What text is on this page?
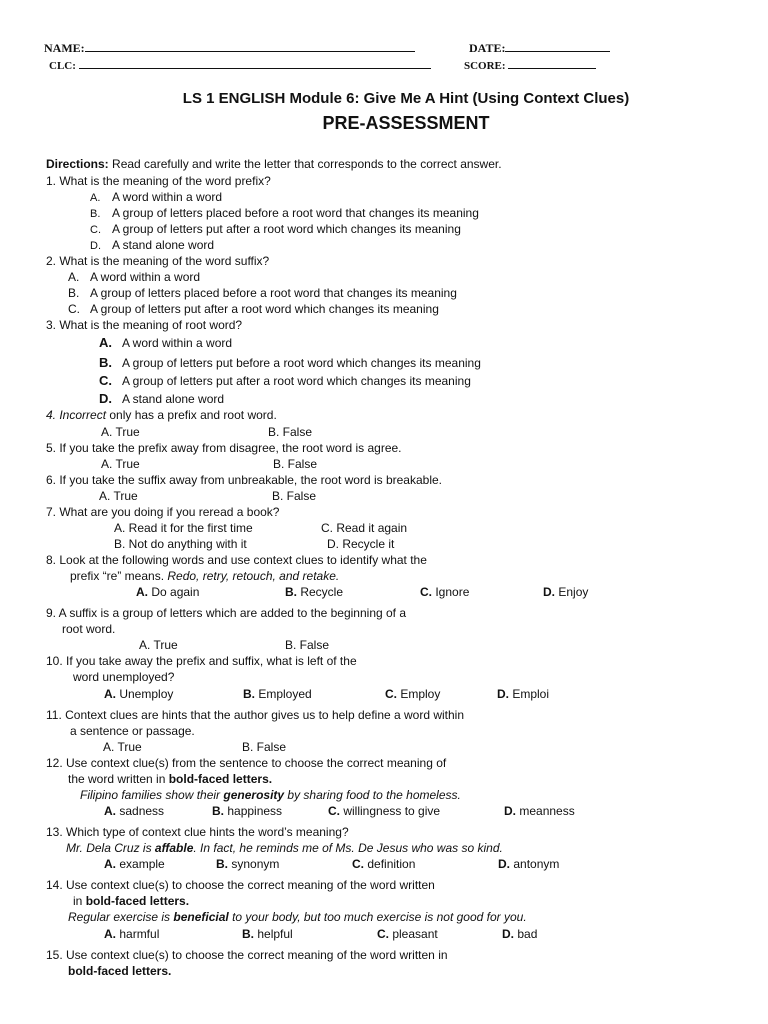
NAME:	DATE:
CLC:	SCORE:
LS 1 ENGLISH Module 6: Give Me A Hint (Using Context Clues)
PRE-ASSESSMENT
Directions: Read carefully and write the letter that corresponds to the correct answer.
1. What is the meaning of the word prefix?
A. A word within a word
B. A group of letters placed before a root word that changes its meaning
C. A group of letters put after a root word which changes its meaning
D. A stand alone word
2. What is the meaning of the word suffix?
A. A word within a word
B. A group of letters placed before a root word that changes its meaning
C. A group of letters put after a root word which changes its meaning
3. What is the meaning of root word?
A. A word within a word
B. A group of letters put before a root word which changes its meaning
C. A group of letters put after a root word which changes its meaning
D. A stand alone word
4. Incorrect only has a prefix and root word.
A. True	B. False
5. If you take the prefix away from disagree, the root word is agree.
A. True	B. False
6. If you take the suffix away from unbreakable, the root word is breakable.
A. True	B. False
7. What are you doing if you reread a book?
A. Read it for the first time	C. Read it again
B. Not do anything with it	D. Recycle it
8. Look at the following words and use context clues to identify what the
prefix “re” means. Redo, retry, retouch, and retake.
A. Do again	B. Recycle	C. Ignore	D. Enjoy
9. A suffix is a group of letters which are added to the beginning of a
root word.
A. True	B. False
10. If you take away the prefix and suffix, what is left of the
word unemployed?
A. Unemploy	B. Employed	C. Employ	D. Emploi
11. Context clues are hints that the author gives us to help define a word within
a sentence or passage.
A. True	B. False
12. Use context clue(s) from the sentence to choose the correct meaning of
the word written in bold-faced letters.
Filipino families show their generosity by sharing food to the homeless.
A. sadness	B. happiness	C. willingness to give	D. meanness
13. Which type of context clue hints the word’s meaning?
Mr. Dela Cruz is affable. In fact, he reminds me of Ms. De Jesus who was so kind.
A. example	B. synonym	C. definition	D. antonym
14. Use context clue(s) to choose the correct meaning of the word written
in bold-faced letters.
Regular exercise is beneficial to your body, but too much exercise is not good for you.
A. harmful	B. helpful	C. pleasant	D. bad
15. Use context clue(s) to choose the correct meaning of the word written in
bold-faced letters.
